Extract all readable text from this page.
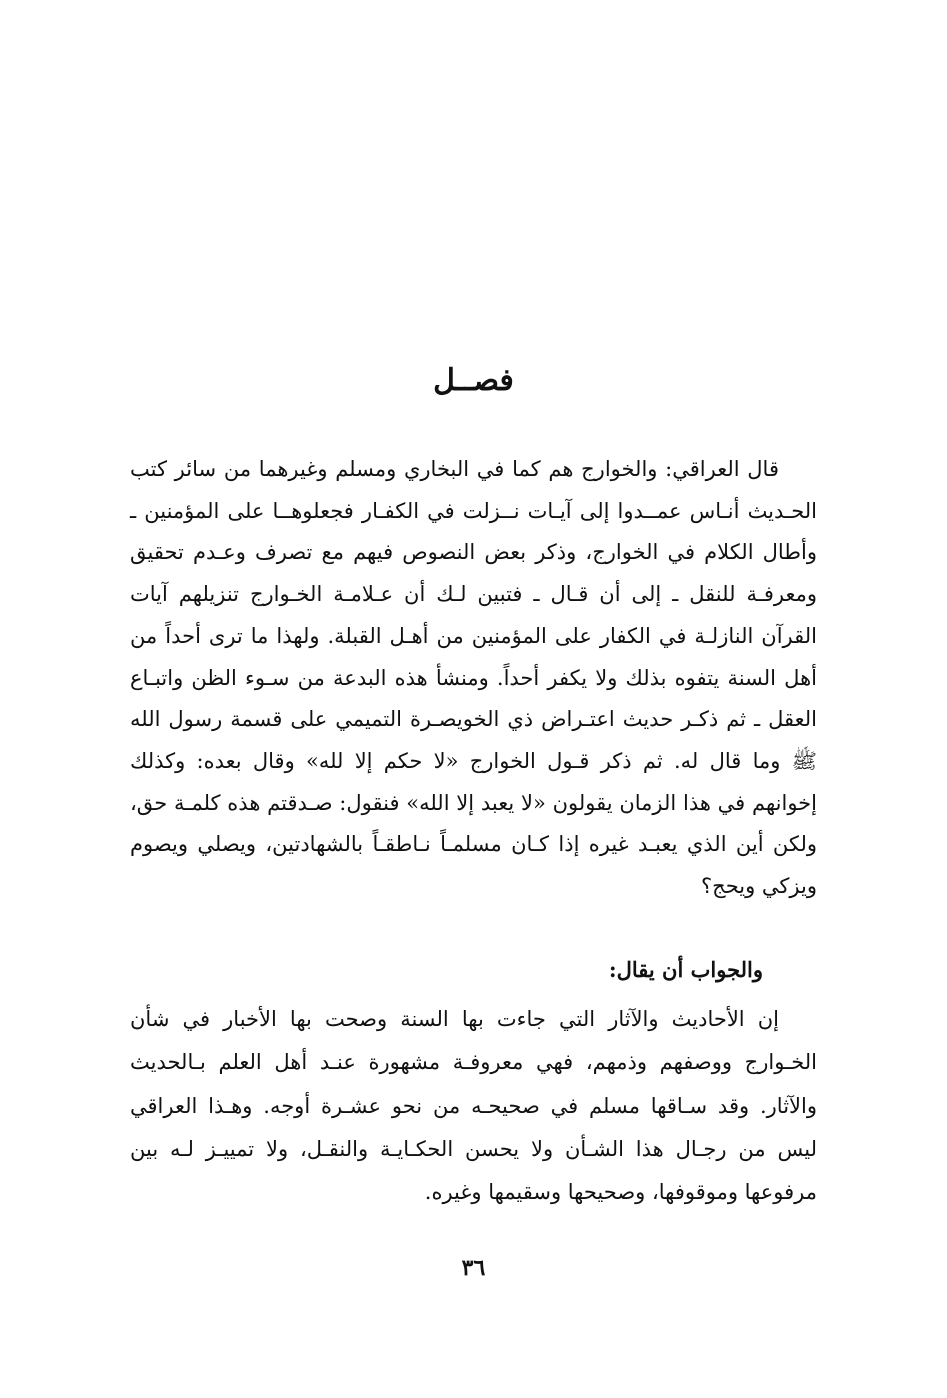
فصــل

قال العراقي: والخوارج هم كما في البخاري ومسلم وغيرهما من سائر كتب الحـديث أنـاس عمــدوا إلى آيـات نــزلت في الكفـار فجعلوهــا على المؤمنين ـ وأطال الكلام في الخوارج، وذكر بعض النصوص فيهم مع تصرف وعـدم تحقيق ومعرفـة للنقل ـ إلى أن قـال ـ فتبين لـك أن عـلامـة الخـوارج تنزيلهم آيات القرآن النازلـة في الكفار على المؤمنين من أهـل القبلة. ولهذا ما ترى أحداً من أهل السنة يتفوه بذلك ولا يكفر أحداً. ومنشأ هذه البدعة من سـوء الظن واتبـاع العقل ـ ثم ذكـر حديث اعتـراض ذي الخويصـرة التميمي على قسمة رسول الله ﷺ وما قال له. ثم ذكر قـول الخوارج «لا حكم إلا لله» وقال بعده: وكذلك إخوانهم في هذا الزمان يقولون «لا يعبد إلا الله» فنقول: صـدقتم هذه كلمـة حق، ولكن أين الذي يعبـد غيره إذا كـان مسلمـاً نـاطقـاً بالشهادتين، ويصلي ويصوم ويزكي ويحج؟

والجواب أن يقال:

إن الأحاديث والآثار التي جاءت بها السنة وصحت بها الأخبار في شأن الخـوارج ووصفهم وذمهم، فهي معروفـة مشهورة عنـد أهل العلم بـالحديث والآثار. وقد سـاقها مسلم في صحيحـه من نحو عشـرة أوجه. وهـذا العراقي ليس من رجـال هذا الشـأن ولا يحسن الحكـايـة والنقـل، ولا تمييـز لـه بين مرفوعها وموقوفها، وصحيحها وسقيمها وغيره.

٣٦
